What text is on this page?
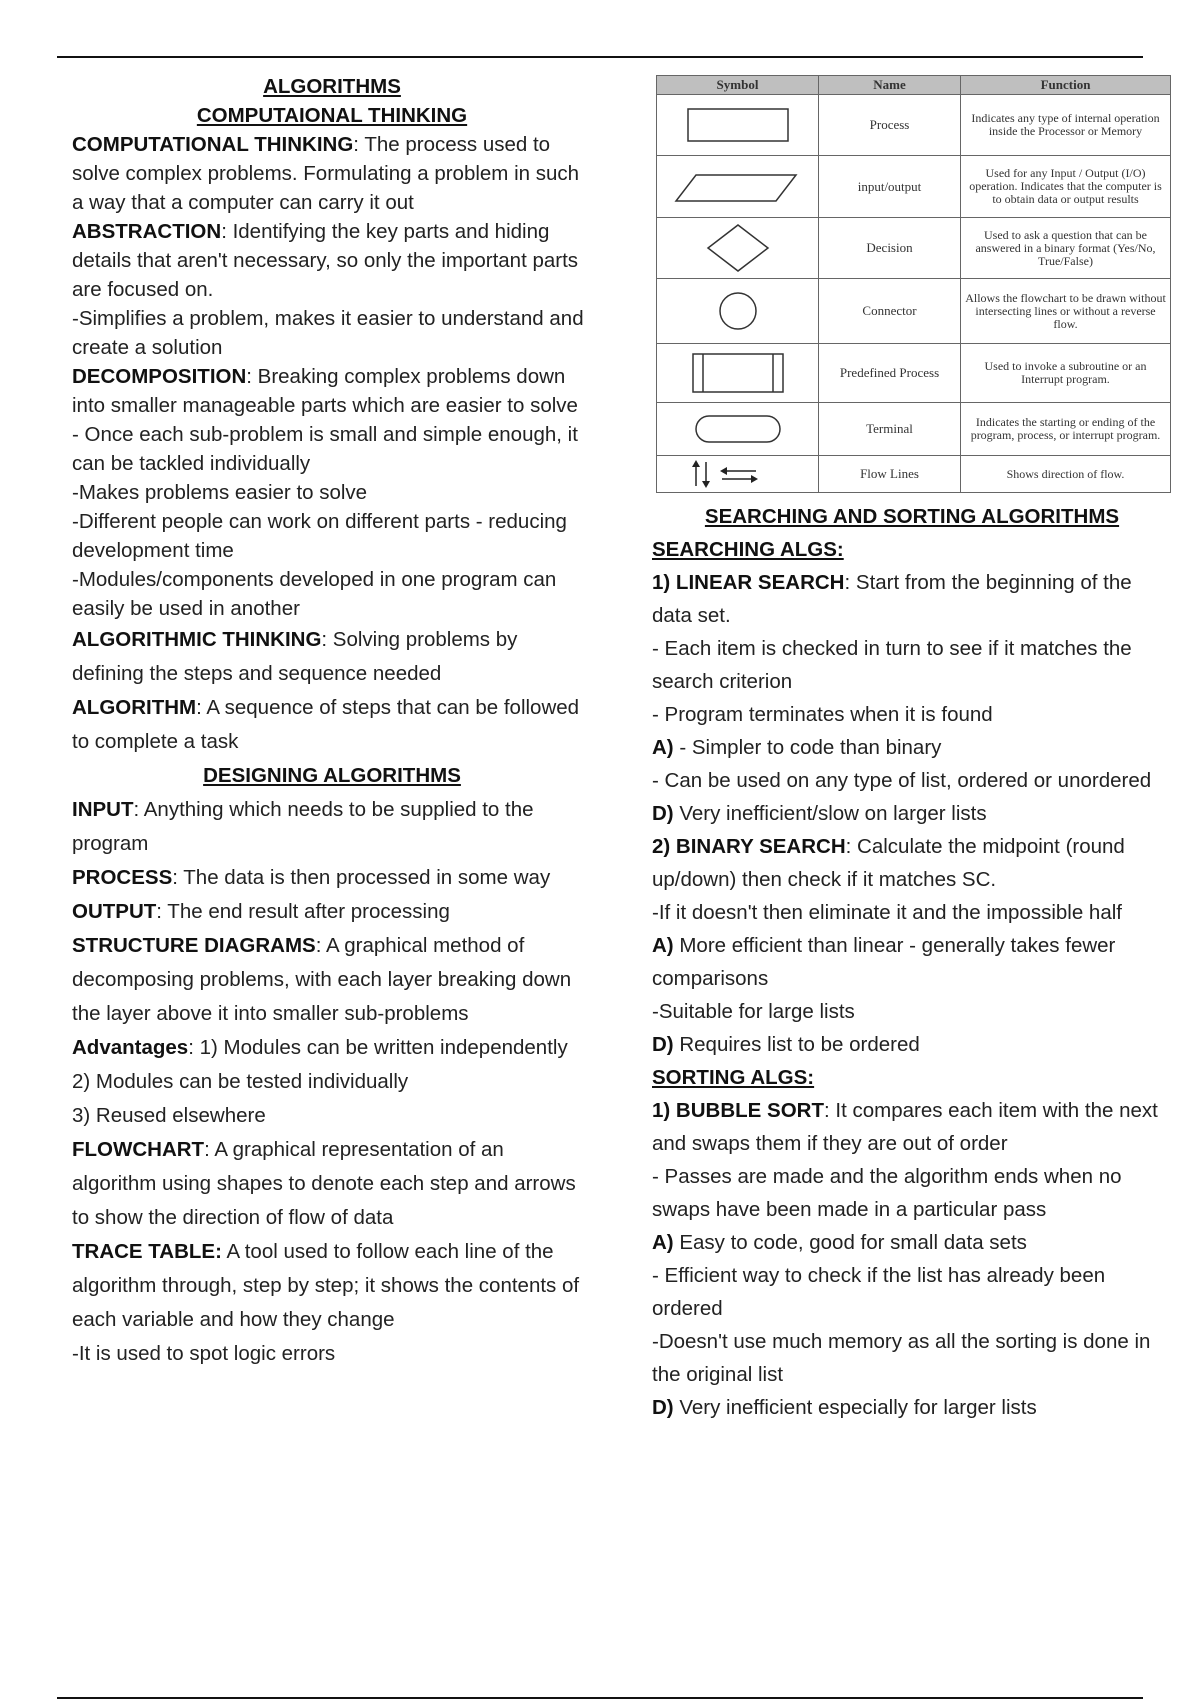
ALGORITHMS

COMPUTAIONAL THINKING

COMPUTATIONAL THINKING: The process used to solve complex problems. Formulating a problem in such a way that a computer can carry it out

ABSTRACTION: Identifying the key parts and hiding details that aren't necessary, so only the important parts are focused on.

-Simplifies a problem, makes it easier to understand and create a solution

DECOMPOSITION: Breaking complex problems down into smaller manageable parts which are easier to solve

- Once each sub-problem is small and simple enough, it can be tackled individually

-Makes problems easier to solve

-Different people can work on different parts - reducing development time

-Modules/components developed in one program can easily be used in another

ALGORITHMIC THINKING: Solving problems by defining the steps and sequence needed

ALGORITHM: A sequence of steps that can be followed to complete a task

DESIGNING ALGORITHMS

INPUT: Anything which needs to be supplied to the program

PROCESS: The data is then processed in some way

OUTPUT: The end result after processing

STRUCTURE DIAGRAMS: A graphical method of decomposing problems, with each layer breaking down the layer above it into smaller sub-problems

Advantages: 1) Modules can be written independently

2) Modules can be tested individually

3) Reused elsewhere

FLOWCHART: A graphical representation of an algorithm using shapes to denote each step and arrows to show the direction of flow of data

TRACE TABLE: A tool used to follow each line of the algorithm through, step by step; it shows the contents of each variable and how they change

-It is used to spot logic errors

Symbol	Name	Function

	Process	Indicates any type of internal operation inside the Processor or Memory

	input/output	Used for any Input / Output (I/O) operation. Indicates that the computer is to obtain data or output results

	Decision	Used to ask a question that can be answered in a binary format (Yes/No, True/False)

	Connector	Allows the flowchart to be drawn without intersecting lines or without a reverse flow.

	Predefined Process	Used to invoke a subroutine or an Interrupt program.

	Terminal	Indicates the starting or ending of the program, process, or interrupt program.

	Flow Lines	Shows direction of flow.

SEARCHING AND SORTING ALGORITHMS

SEARCHING ALGS:

1) LINEAR SEARCH: Start from the beginning of the data set.

- Each item is checked in turn to see if it matches the search criterion

- Program terminates when it is found

A) - Simpler to code than binary

- Can be used on any type of list, ordered or unordered

D) Very inefficient/slow on larger lists

2) BINARY SEARCH: Calculate the midpoint (round up/down) then check if it matches SC.

-If it doesn't then eliminate it and the impossible half

A) More efficient than linear - generally takes fewer comparisons

-Suitable for large lists

D) Requires list to be ordered

SORTING ALGS:

1) BUBBLE SORT: It compares each item with the next and swaps them if they are out of order

- Passes are made and the algorithm ends when no swaps have been made in a particular pass

A) Easy to code, good for small data sets

- Efficient way to check if the list has already been ordered

-Doesn't use much memory as all the sorting is done in the original list

D) Very inefficient especially for larger lists
